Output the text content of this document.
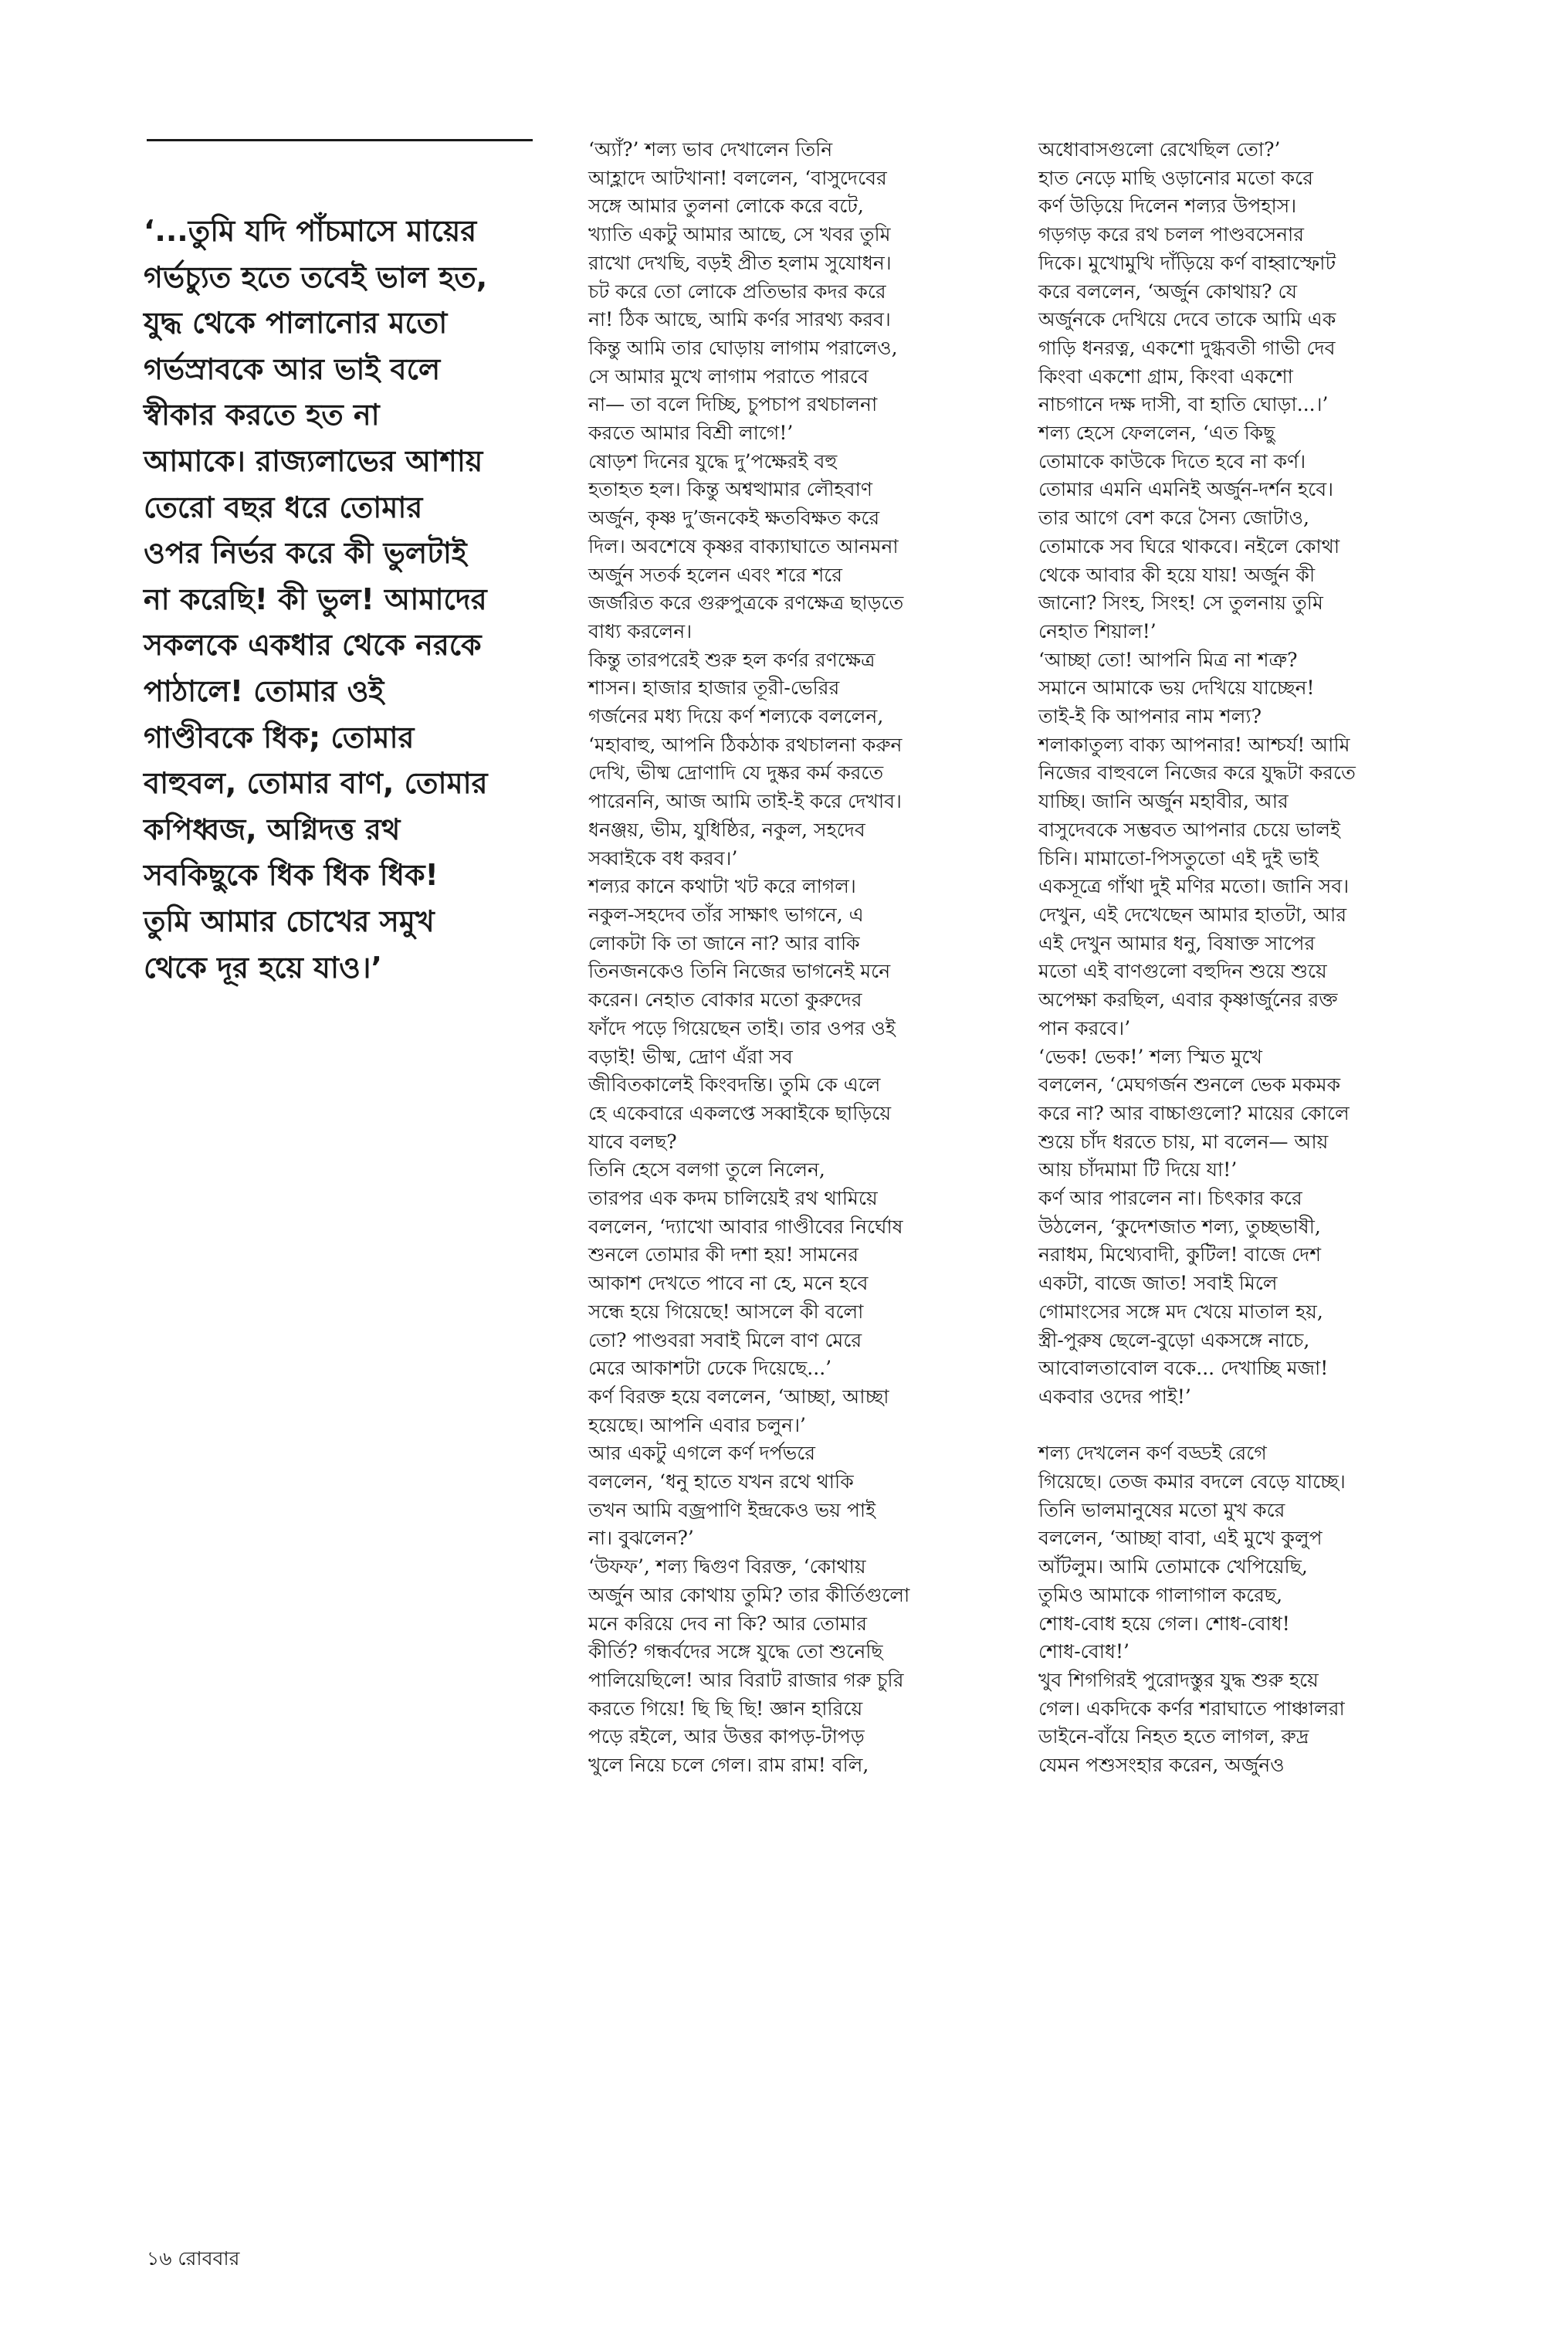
‘...তুমি যদি পাঁচমাসে মায়ের
গর্ভচ্যুত হতে তবেই ভাল হত,
যুদ্ধ থেকে পালানোর মতো
গর্ভস্রাবকে আর ভাই বলে
স্বীকার করতে হত না
আমাকে। রাজ্যলাভের আশায়
তেরো বছর ধরে তোমার
ওপর নির্ভর করে কী ভুলটাই
না করেছি! কী ভুল! আমাদের
সকলকে একধার থেকে নরকে
পাঠালে! তোমার ওই
গাণ্ডীবকে ধিক; তোমার
বাহুবল, তোমার বাণ, তোমার
কপিধ্বজ, অগ্নিদত্ত রথ
সবকিছুকে ধিক ধিক ধিক!
তুমি আমার চোখের সমুখ
থেকে দূর হয়ে যাও।’
‘অ্যাঁ?’ শল্য ভাব দেখালেন তিনি
আহ্লাদে আটখানা! বললেন, ‘বাসুদেবের
সঙ্গে আমার তুলনা লোকে করে বটে,
খ্যাতি একটু আমার আছে, সে খবর তুমি
রাখো দেখছি, বড়ই প্রীত হলাম সুযোধন।
চট করে তো লোকে প্রতিভার কদর করে
না! ঠিক আছে, আমি কর্ণর সারথ্য করব।
কিন্তু আমি তার ঘোড়ায় লাগাম পরালেও,
সে আমার মুখে লাগাম পরাতে পারবে
না— তা বলে দিচ্ছি, চুপচাপ রথচালনা
করতে আমার বিশ্রী লাগে!’
ষোড়শ দিনের যুদ্ধে দু’পক্ষেরই বহু
হতাহত হল। কিন্তু অশ্বত্থামার লৌহবাণ
অর্জুন, কৃষ্ণ দু’জনকেই ক্ষতবিক্ষত করে
দিল। অবশেষে কৃষ্ণর বাক্যাঘাতে আনমনা
অর্জুন সতর্ক হলেন এবং শরে শরে
জর্জরিত করে গুরুপুত্রকে রণক্ষেত্র ছাড়তে
বাধ্য করলেন।
কিন্তু তারপরেই শুরু হল কর্ণর রণক্ষেত্র
শাসন। হাজার হাজার তূরী-ভেরির
গর্জনের মধ্য দিয়ে কর্ণ শল্যকে বললেন,
‘মহাবাহু, আপনি ঠিকঠাক রথচালনা করুন
দেখি, ভীষ্ম দ্রোণাদি যে দুষ্কর কর্ম করতে
পারেননি, আজ আমি তাই-ই করে দেখাব।
ধনঞ্জয়, ভীম, যুধিষ্ঠির, নকুল, সহদেব
সব্বাইকে বধ করব।’
শল্যর কানে কথাটা খট করে লাগল।
নকুল-সহদেব তাঁর সাক্ষাৎ ভাগনে, এ
লোকটা কি তা জানে না? আর বাকি
তিনজনকেও তিনি নিজের ভাগনেই মনে
করেন। নেহাত বোকার মতো কুরুদের
ফাঁদে পড়ে গিয়েছেন তাই। তার ওপর ওই
বড়াই! ভীষ্ম, দ্রোণ এঁরা সব
জীবিতকালেই কিংবদন্তি। তুমি কে এলে
হে একেবারে একলপ্তে সব্বাইকে ছাড়িয়ে
যাবে বলছ?
তিনি হেসে বলগা তুলে নিলেন,
তারপর এক কদম চালিয়েই রথ থামিয়ে
বললেন, ‘দ্যাখো আবার গাণ্ডীবের নির্ঘোষ
শুনলে তোমার কী দশা হয়! সামনের
আকাশ দেখতে পাবে না হে, মনে হবে
সন্ধে হয়ে গিয়েছে! আসলে কী বলো
তো? পাণ্ডবরা সবাই মিলে বাণ মেরে
মেরে আকাশটা ঢেকে দিয়েছে...’
কর্ণ বিরক্ত হয়ে বললেন, ‘আচ্ছা, আচ্ছা
হয়েছে। আপনি এবার চলুন।’
আর একটু এগলে কর্ণ দর্পভরে
বললেন, ‘ধনু হাতে যখন রথে থাকি
তখন আমি বজ্রপাণি ইন্দ্রকেও ভয় পাই
না। বুঝলেন?’
‘উফফ’, শল্য দ্বিগুণ বিরক্ত, ‘কোথায়
অর্জুন আর কোথায় তুমি? তার কীর্তিগুলো
মনে করিয়ে দেব না কি? আর তোমার
কীর্তি? গন্ধর্বদের সঙ্গে যুদ্ধে তো শুনেছি
পালিয়েছিলে! আর বিরাট রাজার গরু চুরি
করতে গিয়ে! ছি ছি ছি! জ্ঞান হারিয়ে
পড়ে রইলে, আর উত্তর কাপড়-টাপড়
খুলে নিয়ে চলে গেল। রাম রাম! বলি,
অধোবাসগুলো রেখেছিল তো?’
হাত নেড়ে মাছি ওড়ানোর মতো করে
কর্ণ উড়িয়ে দিলেন শল্যর উপহাস।
গড়গড় করে রথ চলল পাণ্ডবসেনার
দিকে। মুখোমুখি দাঁড়িয়ে কর্ণ বাহ্বাস্ফোট
করে বললেন, ‘অর্জুন কোথায়? যে
অর্জুনকে দেখিয়ে দেবে তাকে আমি এক
গাড়ি ধনরত্ন, একশো দুগ্ধবতী গাভী দেব
কিংবা একশো গ্রাম, কিংবা একশো
নাচগানে দক্ষ দাসী, বা হাতি ঘোড়া...।’
শল্য হেসে ফেললেন, ‘এত কিছু
তোমাকে কাউকে দিতে হবে না কর্ণ।
তোমার এমনি এমনিই অর্জুন-দর্শন হবে।
তার আগে বেশ করে সৈন্য জোটাও,
তোমাকে সব ঘিরে থাকবে। নইলে কোথা
থেকে আবার কী হয়ে যায়! অর্জুন কী
জানো? সিংহ, সিংহ! সে তুলনায় তুমি
নেহাত শিয়াল!’
‘আচ্ছা তো! আপনি মিত্র না শত্রু?
সমানে আমাকে ভয় দেখিয়ে যাচ্ছেন!
তাই-ই কি আপনার নাম শল্য?
শলাকাতুল্য বাক্য আপনার! আশ্চর্য! আমি
নিজের বাহুবলে নিজের করে যুদ্ধটা করতে
যাচ্ছি। জানি অর্জুন মহাবীর, আর
বাসুদেবকে সম্ভবত আপনার চেয়ে ভালই
চিনি। মামাতো-পিসতুতো এই দুই ভাই
একসূত্রে গাঁথা দুই মণির মতো। জানি সব।
দেখুন, এই দেখেছেন আমার হাতটা, আর
এই দেখুন আমার ধনু, বিষাক্ত সাপের
মতো এই বাণগুলো বহুদিন শুয়ে শুয়ে
অপেক্ষা করছিল, এবার কৃষ্ণার্জুনের রক্ত
পান করবে।’
‘ভেক! ভেক!’ শল্য স্মিত মুখে
বললেন, ‘মেঘগর্জন শুনলে ভেক মকমক
করে না? আর বাচ্চাগুলো? মায়ের কোলে
শুয়ে চাঁদ ধরতে চায়, মা বলেন— আয়
আয় চাঁদমামা টি দিয়ে যা!’
কর্ণ আর পারলেন না। চিৎকার করে
উঠলেন, ‘কুদেশজাত শল্য, তুচ্ছভাষী,
নরাধম, মিথ্যেবাদী, কুটিল! বাজে দেশ
একটা, বাজে জাত! সবাই মিলে
গোমাংসের সঙ্গে মদ খেয়ে মাতাল হয়,
স্ত্রী-পুরুষ ছেলে-বুড়ো একসঙ্গে নাচে,
আবোলতাবোল বকে... দেখাচ্ছি মজা!
একবার ওদের পাই!’

শল্য দেখলেন কর্ণ বড্ডই রেগে
গিয়েছে। তেজ কমার বদলে বেড়ে যাচ্ছে।
তিনি ভালমানুষের মতো মুখ করে
বললেন, ‘আচ্ছা বাবা, এই মুখে কুলুপ
আঁটলুম। আমি তোমাকে খেপিয়েছি,
তুমিও আমাকে গালাগাল করেছ,
শোধ-বোধ হয়ে গেল। শোধ-বোধ!
শোধ-বোধ!’
খুব শিগগিরই পুরোদস্তুর যুদ্ধ শুরু হয়ে
গেল। একদিকে কর্ণর শরাঘাতে পাঞ্চালরা
ডাইনে-বাঁয়ে নিহত হতে লাগল, রুদ্র
যেমন পশুসংহার করেন, অর্জুনও
১৬ রোববার
